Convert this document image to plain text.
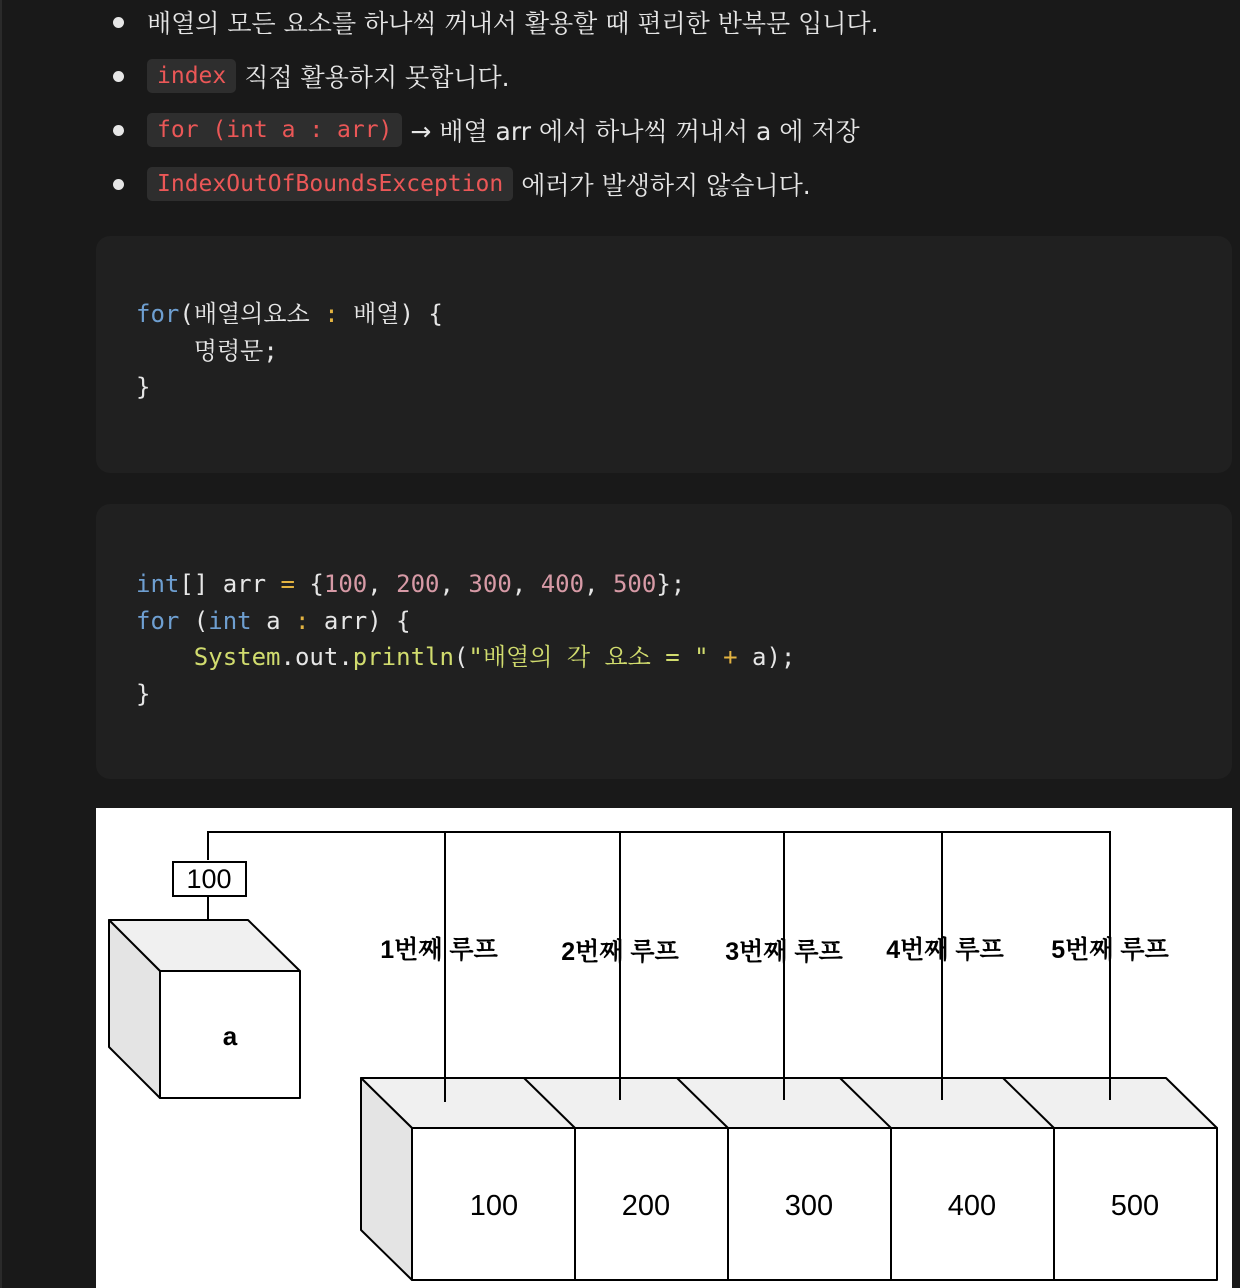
배열의 모든 요소를 하나씩 꺼내서 활용할 때 편리한 반복문 입니다.
index 직접 활용하지 못합니다.
for (int a : arr) → 배열 arr 에서 하나씩 꺼내서 a 에 저장
IndexOutOfBoundsException 에러가 발생하지 않습니다.
for(배열의요소 : 배열) {
명령문;
}
int[] arr = {100, 200, 300, 400, 500};
for (int a : arr) {
System.out.println("배열의 각 요소 = " + a);
}
100
a
1번째 루프	2번째 루프 3번째 루프 4번째 루프 5번째 루프
100	200	300	400	500
